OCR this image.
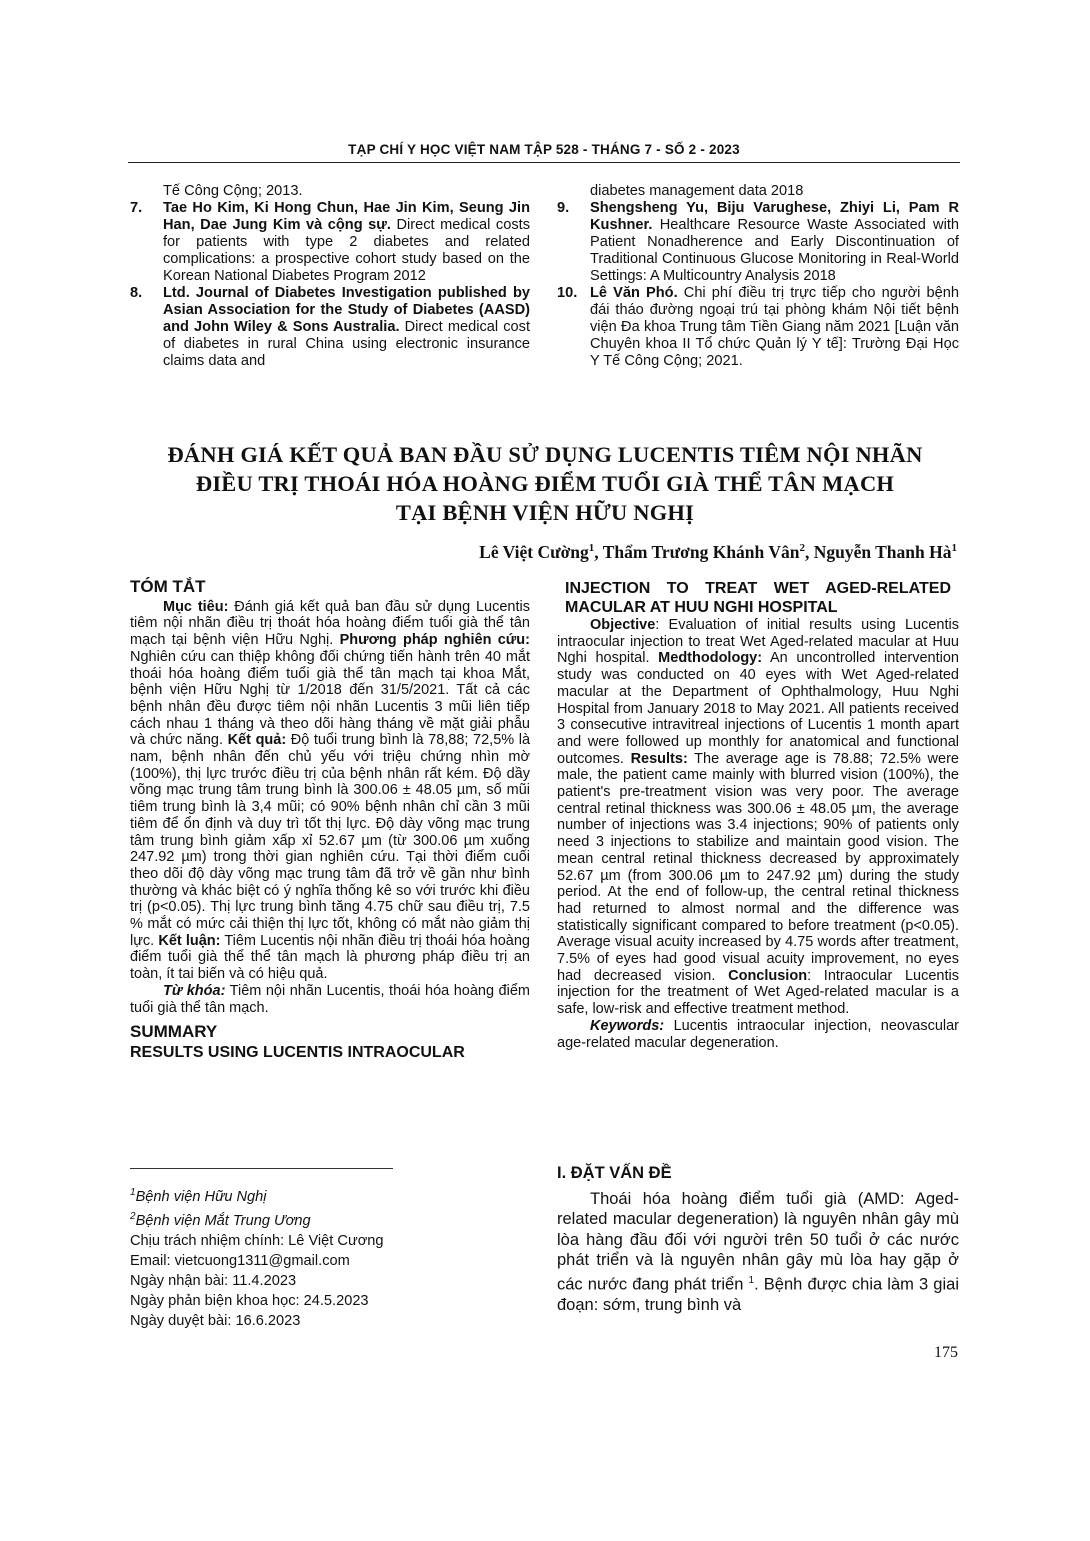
TẠP CHÍ Y HỌC VIỆT NAM TẬP 528 - THÁNG 7 - SỐ 2 - 2023
Tế Công Cộng; 2013.
7. Tae Ho Kim, Ki Hong Chun, Hae Jin Kim, Seung Jin Han, Dae Jung Kim và cộng sự. Direct medical costs for patients with type 2 diabetes and related complications: a prospective cohort study based on the Korean National Diabetes Program 2012
8. Ltd. Journal of Diabetes Investigation published by Asian Association for the Study of Diabetes (AASD) and John Wiley & Sons Australia. Direct medical cost of diabetes in rural China using electronic insurance claims data and
diabetes management data 2018
9. Shengsheng Yu, Biju Varughese, Zhiyi Li, Pam R Kushner. Healthcare Resource Waste Associated with Patient Nonadherence and Early Discontinuation of Traditional Continuous Glucose Monitoring in Real-World Settings: A Multicountry Analysis 2018
10. Lê Văn Phó. Chi phí điều trị trực tiếp cho người bệnh đái tháo đường ngoại trú tại phòng khám Nội tiết bệnh viện Đa khoa Trung tâm Tiền Giang năm 2021 [Luận văn Chuyên khoa II Tổ chức Quản lý Y tế]: Trường Đại Học Y Tế Công Cộng; 2021.
ĐÁNH GIÁ KẾT QUẢ BAN ĐẦU SỬ DỤNG LUCENTIS TIÊM NỘI NHÃN
ĐIỀU TRỊ THOÁI HÓA HOÀNG ĐIỂM TUỔI GIÀ THỂ TÂN MẠCH
TẠI BỆNH VIỆN HỮU NGHỊ
Lê Việt Cường$^1$, Thẩm Trương Khánh Vân$^2$, Nguyễn Thanh $Hà^1$

TÓM TẮT

Mục tiêu: Đánh giá kết quả ban đầu sử dụng Lucentis tiêm nội nhãn điều trị thoát hóa hoàng điểm tuổi già thể tân mạch tại bệnh viện Hữu Nghị. Phương pháp nghiên cứu: Nghiên cứu can thiệp không đối chứng tiến hành trên 40 mắt thoái hóa hoàng điểm tuổi già thể tân mạch tại khoa Mắt, bệnh viện Hữu Nghị từ 1/2018 đến 31/5/2021. Tất cả các bệnh nhân đều được tiêm nội nhãn Lucentis 3 mũi liên tiếp cách nhau 1 tháng và theo dõi hàng tháng về mặt giải phẫu và chức năng. Kết quả: Độ tuổi trung bình là 78,88; 72,5% là nam, bệnh nhân đến chủ yếu với triệu chứng nhìn mờ (100%), thị lực trước điều trị của bệnh nhân rất kém. Độ dầy võng mạc trung tâm trung bình là 300.06 ± 48.05 µm, số mũi tiêm trung bình là 3,4 mũi; có 90% bệnh nhân chỉ cần 3 mũi tiêm để ổn định và duy trì tốt thị lực. Độ dày võng mạc trung tâm trung bình giảm xấp xỉ 52.67 µm (từ 300.06 µm xuống 247.92 µm) trong thời gian nghiên cứu. Tại thời điểm cuối theo dõi độ dày võng mạc trung tâm đã trở về gần như bình thường và khác biệt có ý nghĩa thống kê so với trước khi điều trị (p<0.05). Thị lực trung bình tăng 4.75 chữ sau điều trị, 7.5 % mắt có mức cải thiện thị lực tốt, không có mắt nào giảm thị lực. Kết luận: Tiêm Lucentis nội nhãn điều trị thoái hóa hoàng điểm tuổi già thể thể tân mạch là phương pháp điều trị an toàn, ít tai biến và có hiệu quả.

Từ khóa: Tiêm nội nhãn Lucentis, thoái hóa hoàng điểm tuổi già thể tân mạch.

SUMMARY

RESULTS USING LUCENTIS INTRAOCULAR

$^1$Bệnh viện Hữu Nghị

$^2$Bệnh viện Mắt Trung Ương

Chịu trách nhiệm chính: Lê Việt Cương

Email: vietcuong1311@gmail.com

Ngày nhận bài: 11.4.2023

Ngày phản biện khoa học: 24.5.2023

Ngày duyệt bài: 16.6.2023

INJECTION TO TREAT WET AGED-RELATED MACULAR AT HUU NGHI HOSPITAL

Objective: Evaluation of initial results using Lucentis intraocular injection to treat Wet Aged-related macular at Huu Nghi hospital. Medthodology: An uncontrolled intervention study was conducted on 40 eyes with Wet Aged-related macular at the Department of Ophthalmology, Huu Nghi Hospital from January 2018 to May 2021. All patients received 3 consecutive intravitreal injections of Lucentis 1 month apart and were followed up monthly for anatomical and functional outcomes. Results: The average age is 78.88; 72.5% were male, the patient came mainly with blurred vision (100%), the patient's pre-treatment vision was very poor. The average central retinal thickness was 300.06 ± 48.05 µm, the average number of injections was 3.4 injections; 90% of patients only need 3 injections to stabilize and maintain good vision. The mean central retinal thickness decreased by approximately 52.67 µm (from 300.06 µm to 247.92 µm) during the study period. At the end of follow-up, the central retinal thickness had returned to almost normal and the difference was statistically significant compared to before treatment (p<0.05). Average visual acuity increased by 4.75 words after treatment, 7.5% of eyes had good visual acuity improvement, no eyes had decreased vision. Conclusion: Intraocular Lucentis injection for the treatment of Wet Aged-related macular is a safe, low-risk and effective treatment method.

Keywords: Lucentis intraocular injection, neovascular age-related macular degeneration.

I. ĐẶT VẤN ĐỀ

Thoái hóa hoàng điểm tuổi già (AMD: Aged-related macular degeneration) là nguyên nhân gây mù lòa hàng đầu đối với người trên 50 tuổi ở các nước phát triển và là nguyên nhân gây mù lòa hay gặp ở các nước đang phát triển $^1$. Bệnh được chia làm 3 giai đoạn: sớm, trung bình và

175
